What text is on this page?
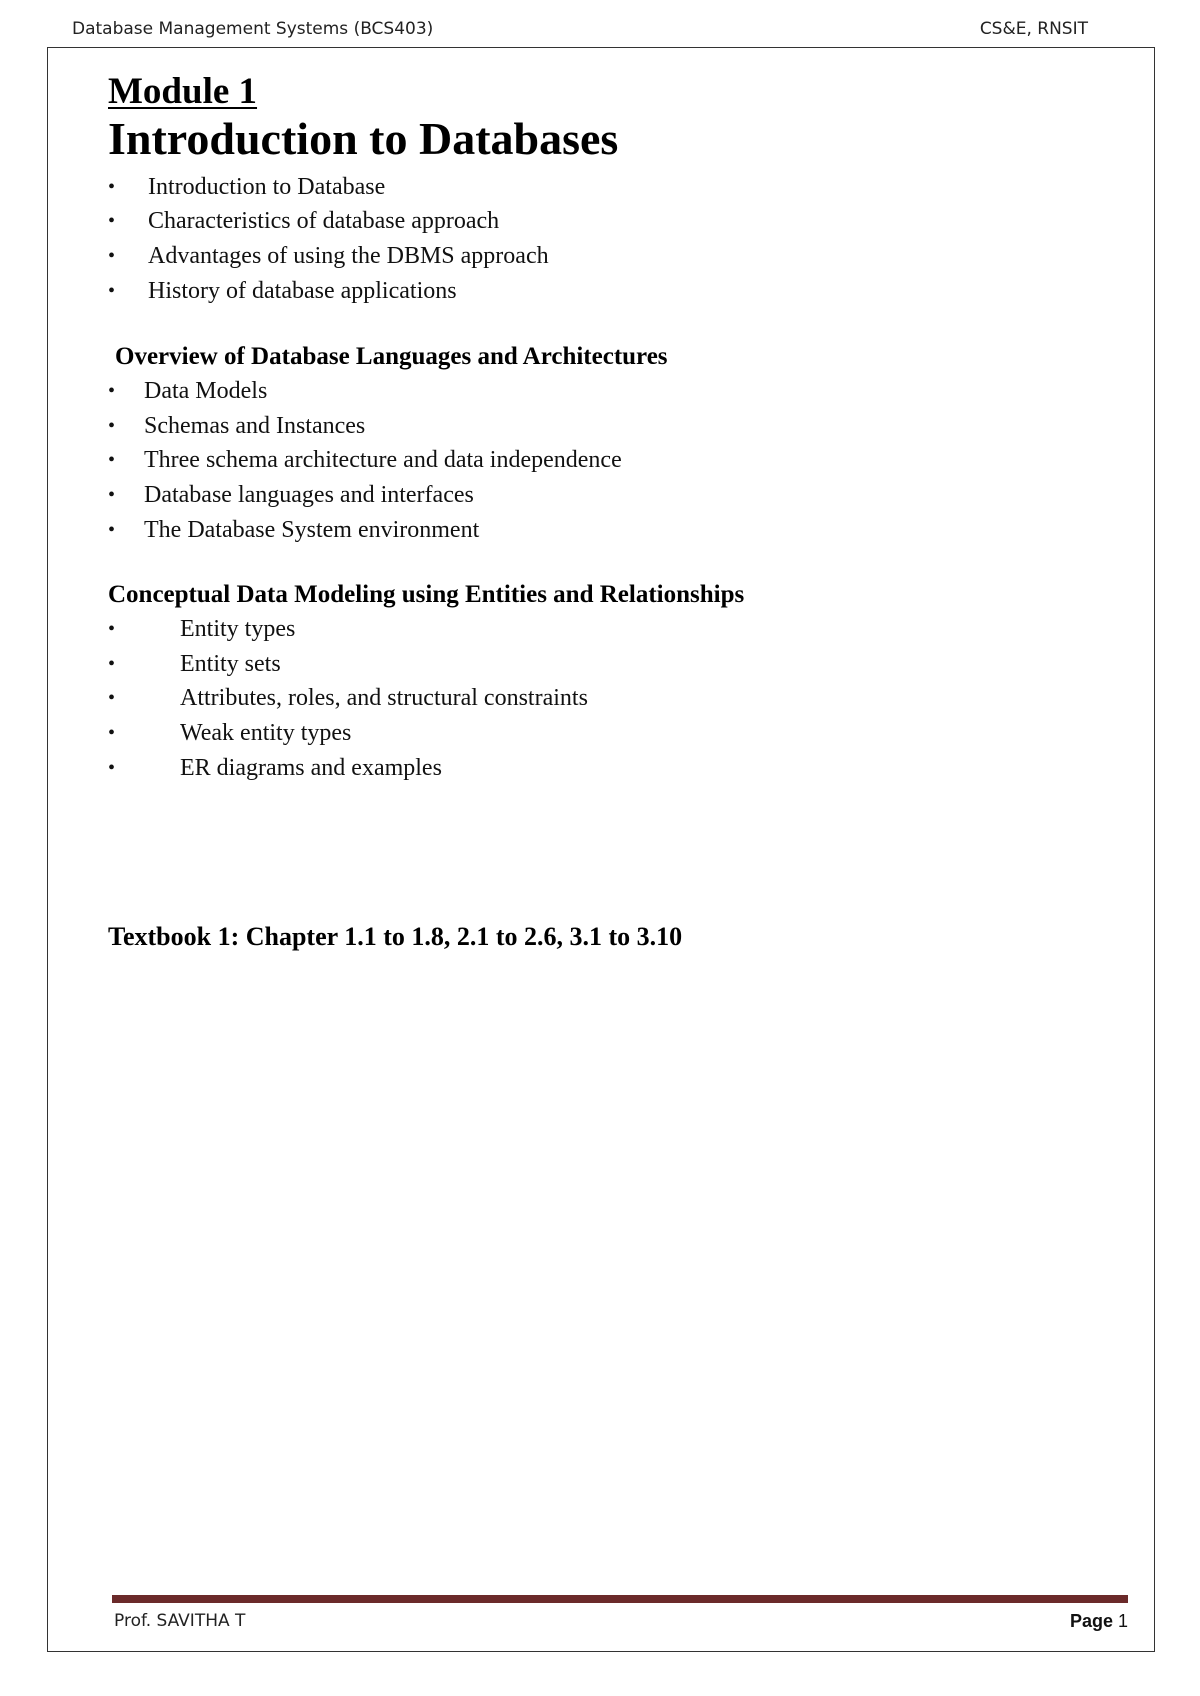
Database Management Systems (BCS403)	CS&E, RNSIT
Module 1
Introduction to Databases
• Introduction to Database
• Characteristics of database approach
• Advantages of using the DBMS approach
• History of database applications
Overview of Database Languages and Architectures
• Data Models
• Schemas and Instances
• Three schema architecture and data independence
• Database languages and interfaces
• The Database System environment
Conceptual Data Modeling using Entities and Relationships
•	Entity types
•	Entity sets
•	Attributes, roles, and structural constraints
•	Weak entity types
•	ER diagrams and examples

Textbook 1: Chapter 1.1 to 1.8, 2.1 to 2.6, 3.1 to 3.10

Prof. SAVITHA T	Page 1
